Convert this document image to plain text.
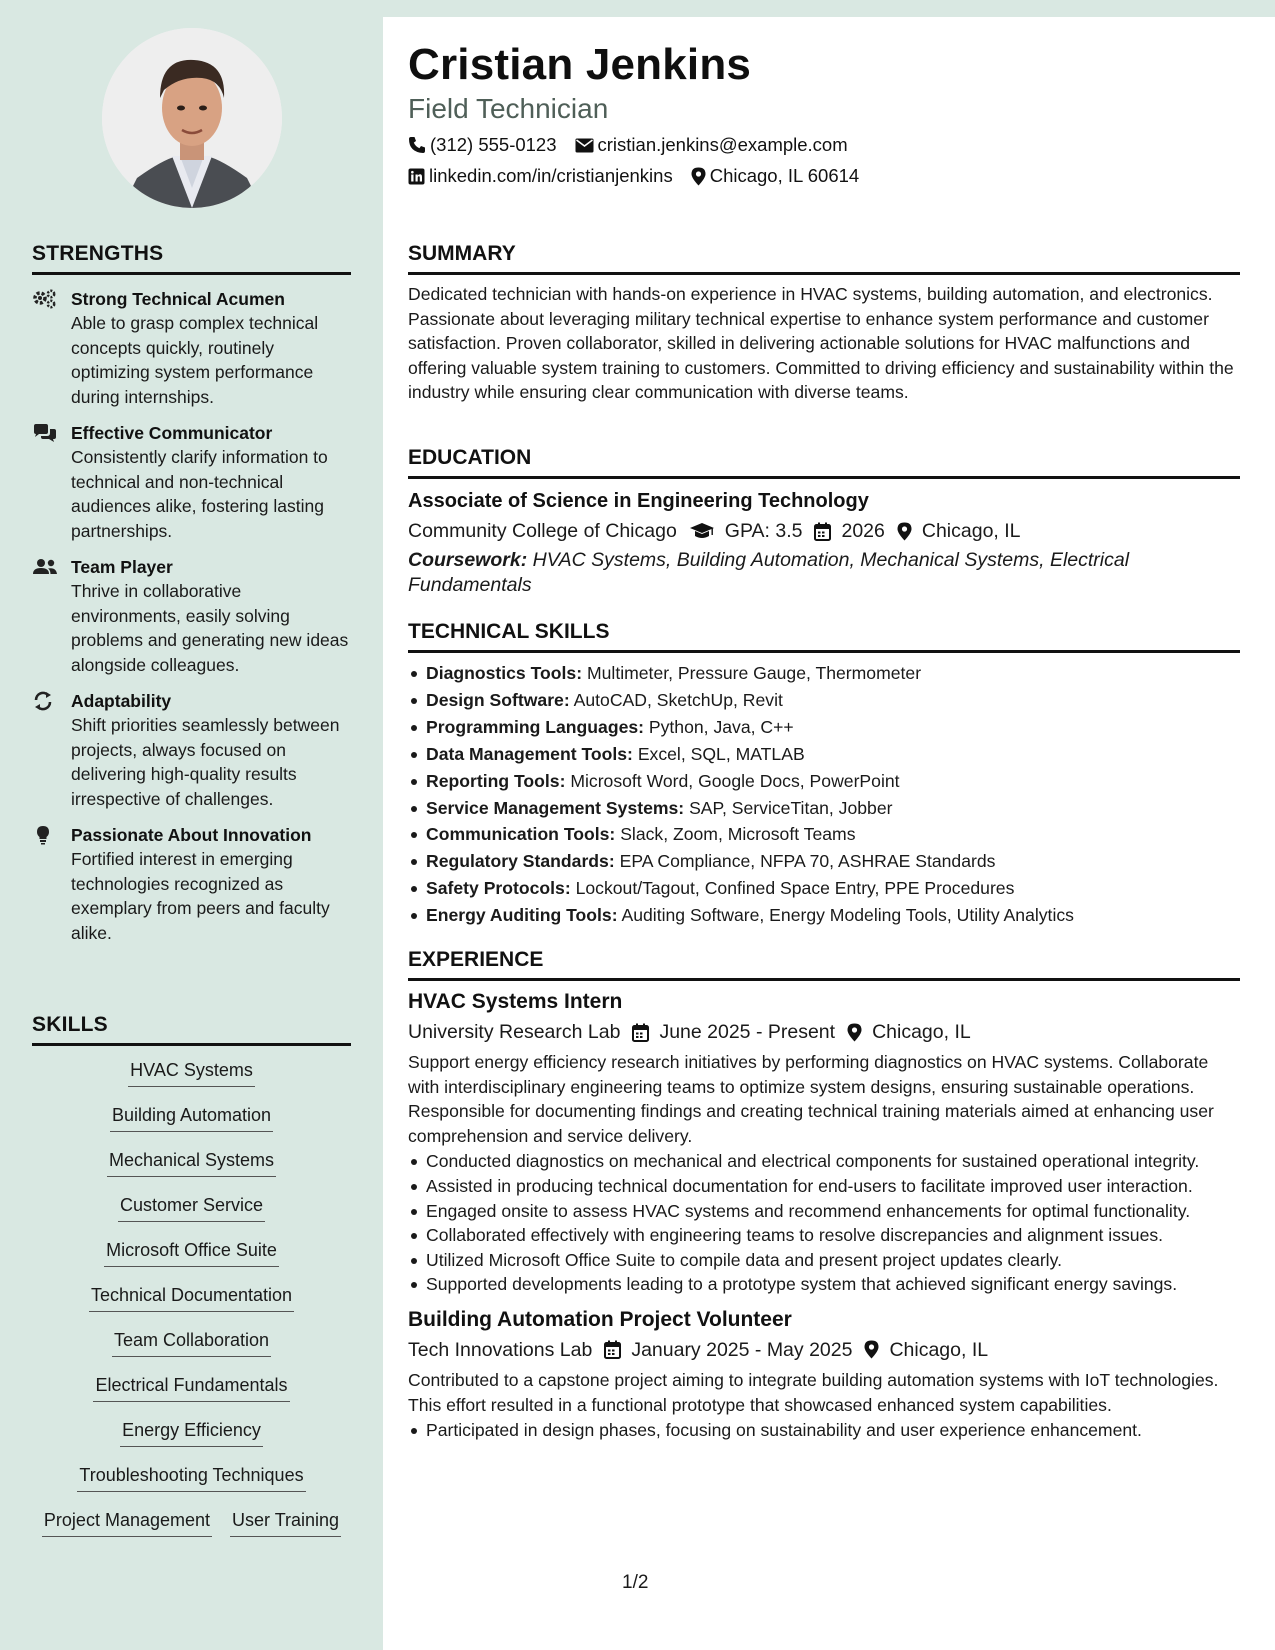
STRENGTHS
Strong Technical Acumen
Able to grasp complex technical concepts quickly, routinely optimizing system performance during internships.
Effective Communicator
Consistently clarify information to technical and non-technical audiences alike, fostering lasting partnerships.
Team Player
Thrive in collaborative environments, easily solving problems and generating new ideas alongside colleagues.
Adaptability
Shift priorities seamlessly between projects, always focused on delivering high-quality results irrespective of challenges.
Passionate About Innovation
Fortified interest in emerging technologies recognized as exemplary from peers and faculty alike.
SKILLS
HVAC Systems
Building Automation
Mechanical Systems
Customer Service
Microsoft Office Suite
Technical Documentation
Team Collaboration
Electrical Fundamentals
Energy Efficiency
Troubleshooting Techniques
Project Management User Training
Cristian Jenkins
Field Technician
(312) 555-0123 cristian.jenkins@example.com
linkedin.com/in/cristianjenkins Chicago, IL 60614
SUMMARY
Dedicated technician with hands-on experience in HVAC systems, building automation, and electronics. Passionate about leveraging military technical expertise to enhance system performance and customer satisfaction. Proven collaborator, skilled in delivering actionable solutions for HVAC malfunctions and offering valuable system training to customers. Committed to driving efficiency and sustainability within the industry while ensuring clear communication with diverse teams.
EDUCATION
Associate of Science in Engineering Technology
Community College of Chicago GPA: 3.5 2026 Chicago, IL
Coursework: HVAC Systems, Building Automation, Mechanical Systems, Electrical Fundamentals
TECHNICAL SKILLS
Diagnostics Tools: Multimeter, Pressure Gauge, Thermometer
Design Software: AutoCAD, SketchUp, Revit
Programming Languages: Python, Java, C++
Data Management Tools: Excel, SQL, MATLAB
Reporting Tools: Microsoft Word, Google Docs, PowerPoint
Service Management Systems: SAP, ServiceTitan, Jobber
Communication Tools: Slack, Zoom, Microsoft Teams
Regulatory Standards: EPA Compliance, NFPA 70, ASHRAE Standards
Safety Protocols: Lockout/Tagout, Confined Space Entry, PPE Procedures
Energy Auditing Tools: Auditing Software, Energy Modeling Tools, Utility Analytics
EXPERIENCE
HVAC Systems Intern
University Research Lab June 2025 - Present Chicago, IL
Support energy efficiency research initiatives by performing diagnostics on HVAC systems. Collaborate with interdisciplinary engineering teams to optimize system designs, ensuring sustainable operations. Responsible for documenting findings and creating technical training materials aimed at enhancing user comprehension and service delivery.
Conducted diagnostics on mechanical and electrical components for sustained operational integrity.
Assisted in producing technical documentation for end-users to facilitate improved user interaction.
Engaged onsite to assess HVAC systems and recommend enhancements for optimal functionality.
Collaborated effectively with engineering teams to resolve discrepancies and alignment issues.
Utilized Microsoft Office Suite to compile data and present project updates clearly.
Supported developments leading to a prototype system that achieved significant energy savings.
Building Automation Project Volunteer
Tech Innovations Lab January 2025 - May 2025 Chicago, IL
Contributed to a capstone project aiming to integrate building automation systems with IoT technologies. This effort resulted in a functional prototype that showcased enhanced system capabilities.
Participated in design phases, focusing on sustainability and user experience enhancement.
1/2
